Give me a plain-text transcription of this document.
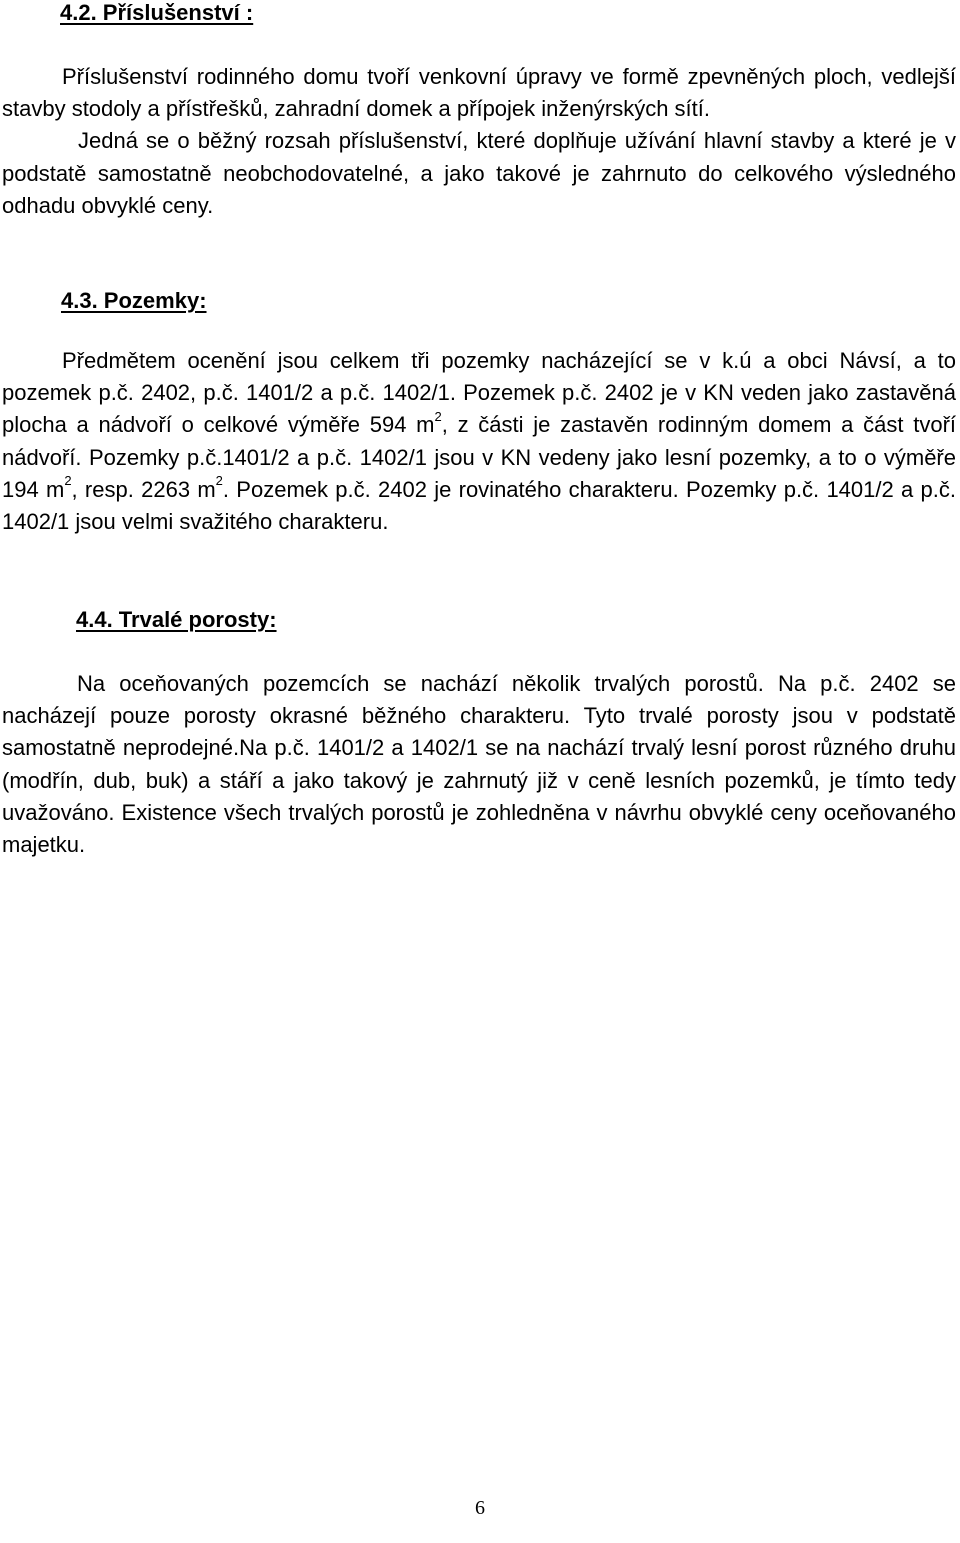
4.2. Příslušenství :

Příslušenství rodinného domu tvoří venkovní úpravy ve formě zpevněných ploch, vedlejší stavby stodoly a přístřešků, zahradní domek a přípojek inženýrských sítí.

Jedná se o běžný rozsah příslušenství, které doplňuje užívání hlavní stavby a které je v podstatě samostatně neobchodovatelné, a jako takové je zahrnuto do celkového výsledného odhadu obvyklé ceny.

4.3. Pozemky:

Předmětem ocenění jsou celkem tři pozemky nacházející se v k.ú a obci Návsí, a to pozemek p.č. 2402, p.č. 1401/2 a p.č. 1402/1. Pozemek p.č. 2402 je v KN veden jako zastavěná plocha a nádvoří o celkové výměře 594 $m^2$, z části je zastavěn rodinným domem a část tvoří nádvoří. Pozemky p.č.1401/2 a p.č. 1402/1 jsou v KN vedeny jako lesní pozemky, a to o výměře 194 $m^2$, resp. 2263 $m^2$. Pozemek p.č. 2402 je rovinatého charakteru. Pozemky p.č. 1401/2 a p.č. 1402/1 jsou velmi svažitého charakteru.

4.4. Trvalé porosty:

Na oceňovaných pozemcích se nachází několik trvalých porostů. Na p.č. 2402 se nacházejí pouze porosty okrasné běžného charakteru. Tyto trvalé porosty jsou v podstatě samostatně neprodejné.Na p.č. 1401/2 a 1402/1 se na nachází trvalý lesní porost různého druhu (modřín, dub, buk) a stáří a jako takový je zahrnutý již v ceně lesních pozemků, je tímto tedy uvažováno. Existence všech trvalých porostů je zohledněna v návrhu obvyklé ceny oceňovaného majetku.

6
